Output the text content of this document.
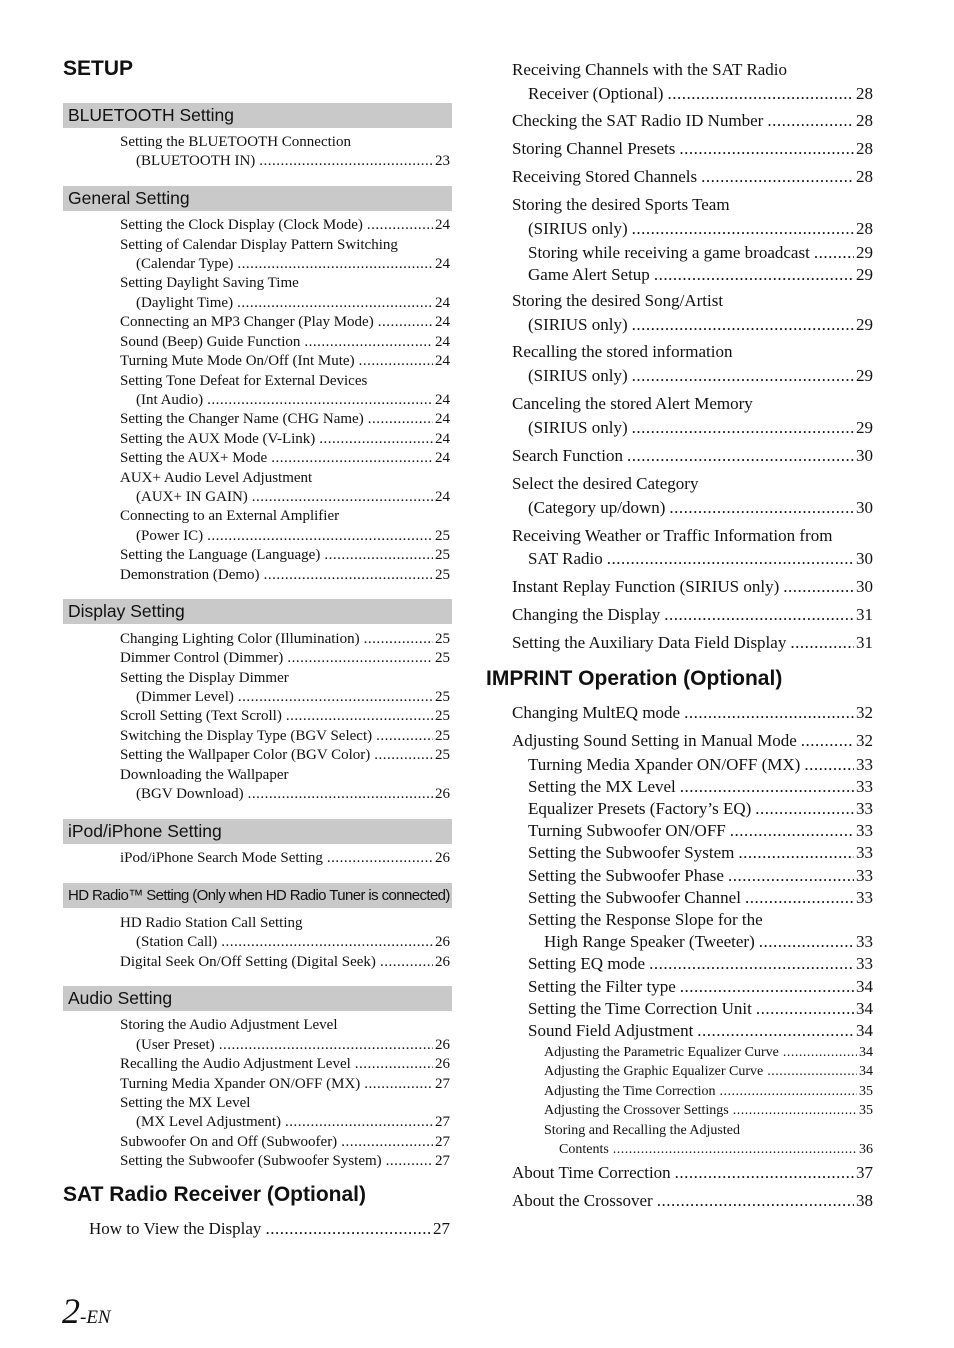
SETUP
BLUETOOTH Setting
Setting the BLUETOOTH Connection
(BLUETOOTH IN) .....	23
General Setting
Setting the Clock Display (Clock Mode) .....	24
Setting of Calendar Display Pattern Switching
(Calendar Type) .....	24
Setting Daylight Saving Time
(Daylight Time) .....	24
Connecting an MP3 Changer (Play Mode) .....	24
Sound (Beep) Guide Function .....	24
Turning Mute Mode On/Off (Int Mute) .....	24
Setting Tone Defeat for External Devices
(Int Audio) .....	24
Setting the Changer Name (CHG Name) .....	24
Setting the AUX Mode (V-Link) .....	24
Setting the AUX+ Mode .....	24
AUX+ Audio Level Adjustment
(AUX+ IN GAIN) .....	24
Connecting to an External Amplifier
(Power IC) .....	25
Setting the Language (Language) .....	25
Demonstration (Demo) .....	25
Display Setting
Changing Lighting Color (Illumination) .....	25
Dimmer Control (Dimmer) .....	25
Setting the Display Dimmer
(Dimmer Level) .....	25
Scroll Setting (Text Scroll) .....	25
Switching the Display Type (BGV Select) .....	25
Setting the Wallpaper Color (BGV Color) .....	25
Downloading the Wallpaper
(BGV Download) .....	26
iPod/iPhone Setting
iPod/iPhone Search Mode Setting .....	26
HD Radio™ Setting (Only when HD Radio Tuner is connected)
HD Radio Station Call Setting
(Station Call) .....	26
Digital Seek On/Off Setting (Digital Seek) .....	26
Audio Setting
Storing the Audio Adjustment Level
(User Preset) .....	26
Recalling the Audio Adjustment Level .....	26
Turning Media Xpander ON/OFF (MX) .....	27
Setting the MX Level
(MX Level Adjustment) .....	27
Subwoofer On and Off (Subwoofer) .....	27
Setting the Subwoofer (Subwoofer System) .....	27
SAT Radio Receiver (Optional)
How to View the Display .....	27
Receiving Channels with the SAT Radio
Receiver (Optional) .....	28
Checking the SAT Radio ID Number .....	28
Storing Channel Presets .....	28
Receiving Stored Channels .....	28
Storing the desired Sports Team
(SIRIUS only) .....	28
Storing while receiving a game broadcast .....	29
Game Alert Setup .....	29
Storing the desired Song/Artist
(SIRIUS only) .....	29
Recalling the stored information
(SIRIUS only) .....	29
Canceling the stored Alert Memory
(SIRIUS only) .....	29
Search Function .....	30
Select the desired Category
(Category up/down) .....	30
Receiving Weather or Traffic Information from
SAT Radio .....	30
Instant Replay Function (SIRIUS only) .....	30
Changing the Display .....	31
Setting the Auxiliary Data Field Display .....	31
IMPRINT Operation (Optional)
Changing MultEQ mode .....	32
Adjusting Sound Setting in Manual Mode .....	32
Turning Media Xpander ON/OFF (MX) .....	33
Setting the MX Level .....	33
Equalizer Presets (Factory’s EQ) .....	33
Turning Subwoofer ON/OFF .....	33
Setting the Subwoofer System .....	33
Setting the Subwoofer Phase .....	33
Setting the Subwoofer Channel .....	33
Setting the Response Slope for the
High Range Speaker (Tweeter) .....	33
Setting EQ mode .....	33
Setting the Filter type .....	34
Setting the Time Correction Unit .....	34
Sound Field Adjustment .....	34
Adjusting the Parametric Equalizer Curve .....	34
Adjusting the Graphic Equalizer Curve .....	34
Adjusting the Time Correction .....	35
Adjusting the Crossover Settings .....	35
Storing and Recalling the Adjusted
Contents .....	36
About Time Correction .....	37
About the Crossover .....	38
2-EN
